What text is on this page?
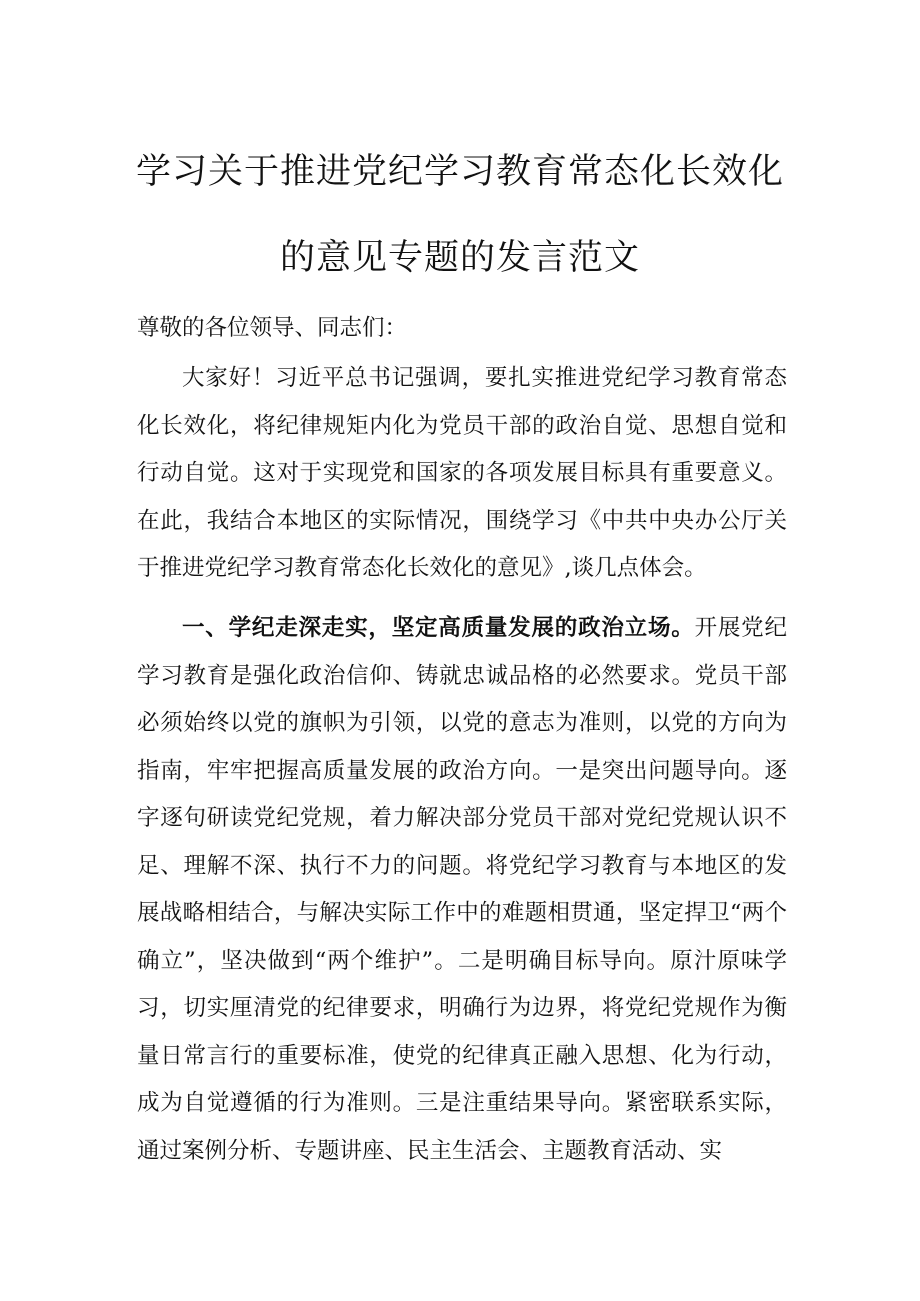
学习关于推进党纪学习教育常态化长效化
的意见专题的发言范文
尊敬的各位领导、同志们：

大家好！习近平总书记强调，要扎实推进党纪学习教育常态化长效化，将纪律规矩内化为党员干部的政治自觉、思想自觉和行动自觉。这对于实现党和国家的各项发展目标具有重要意义。在此，我结合本地区的实际情况，围绕学习《中共中央办公厅关于推进党纪学习教育常态化长效化的意见》,谈几点体会。

一、学纪走深走实，坚定高质量发展的政治立场。开展党纪学习教育是强化政治信仰、铸就忠诚品格的必然要求。党员干部必须始终以党的旗帜为引领，以党的意志为准则，以党的方向为指南，牢牢把握高质量发展的政治方向。一是突出问题导向。逐字逐句研读党纪党规，着力解决部分党员干部对党纪党规认识不足、理解不深、执行不力的问题。将党纪学习教育与本地区的发展战略相结合，与解决实际工作中的难题相贯通，坚定捍卫“两个确立”，坚决做到“两个维护”。二是明确目标导向。原汁原味学习，切实厘清党的纪律要求，明确行为边界，将党纪党规作为衡量日常言行的重要标准，使党的纪律真正融入思想、化为行动，成为自觉遵循的行为准则。三是注重结果导向。紧密联系实际，通过案例分析、专题讲座、民主生活会、主题教育活动、实
